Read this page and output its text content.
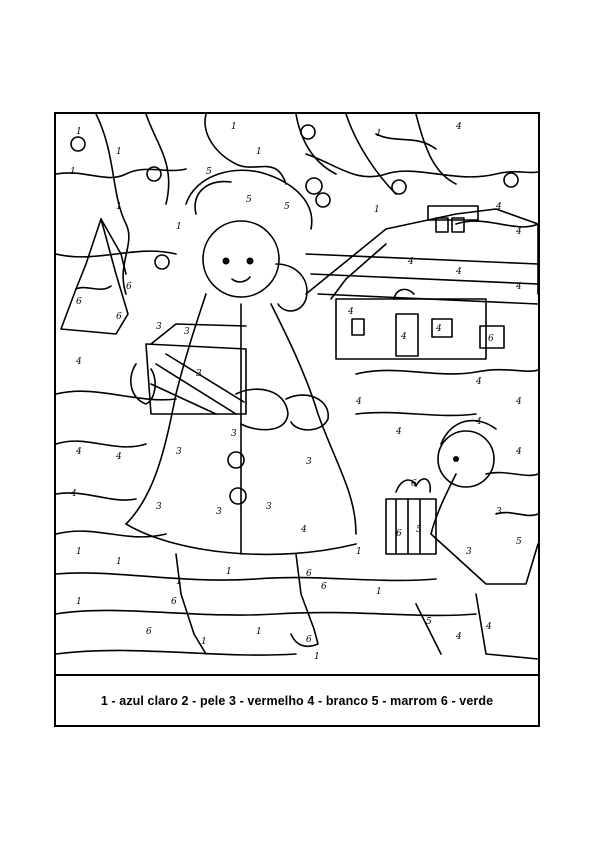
1
1
1
1
4
1
1
1
5
5
5	1
1
4
4
6
6
6
3 3
3
3
3
3	3	3
3
4
4	4
4
4
4
4
4
4
4
4
4
4
6
4
4
4
4
1
1
1
1
1	6
6
6
1
1
6
1
1
6
1
5
4
4
3
3
5
5
6
6
1 - azul claro 2 - pele 3 - vermelho 4 - branco 5 - marrom 6 - verde
